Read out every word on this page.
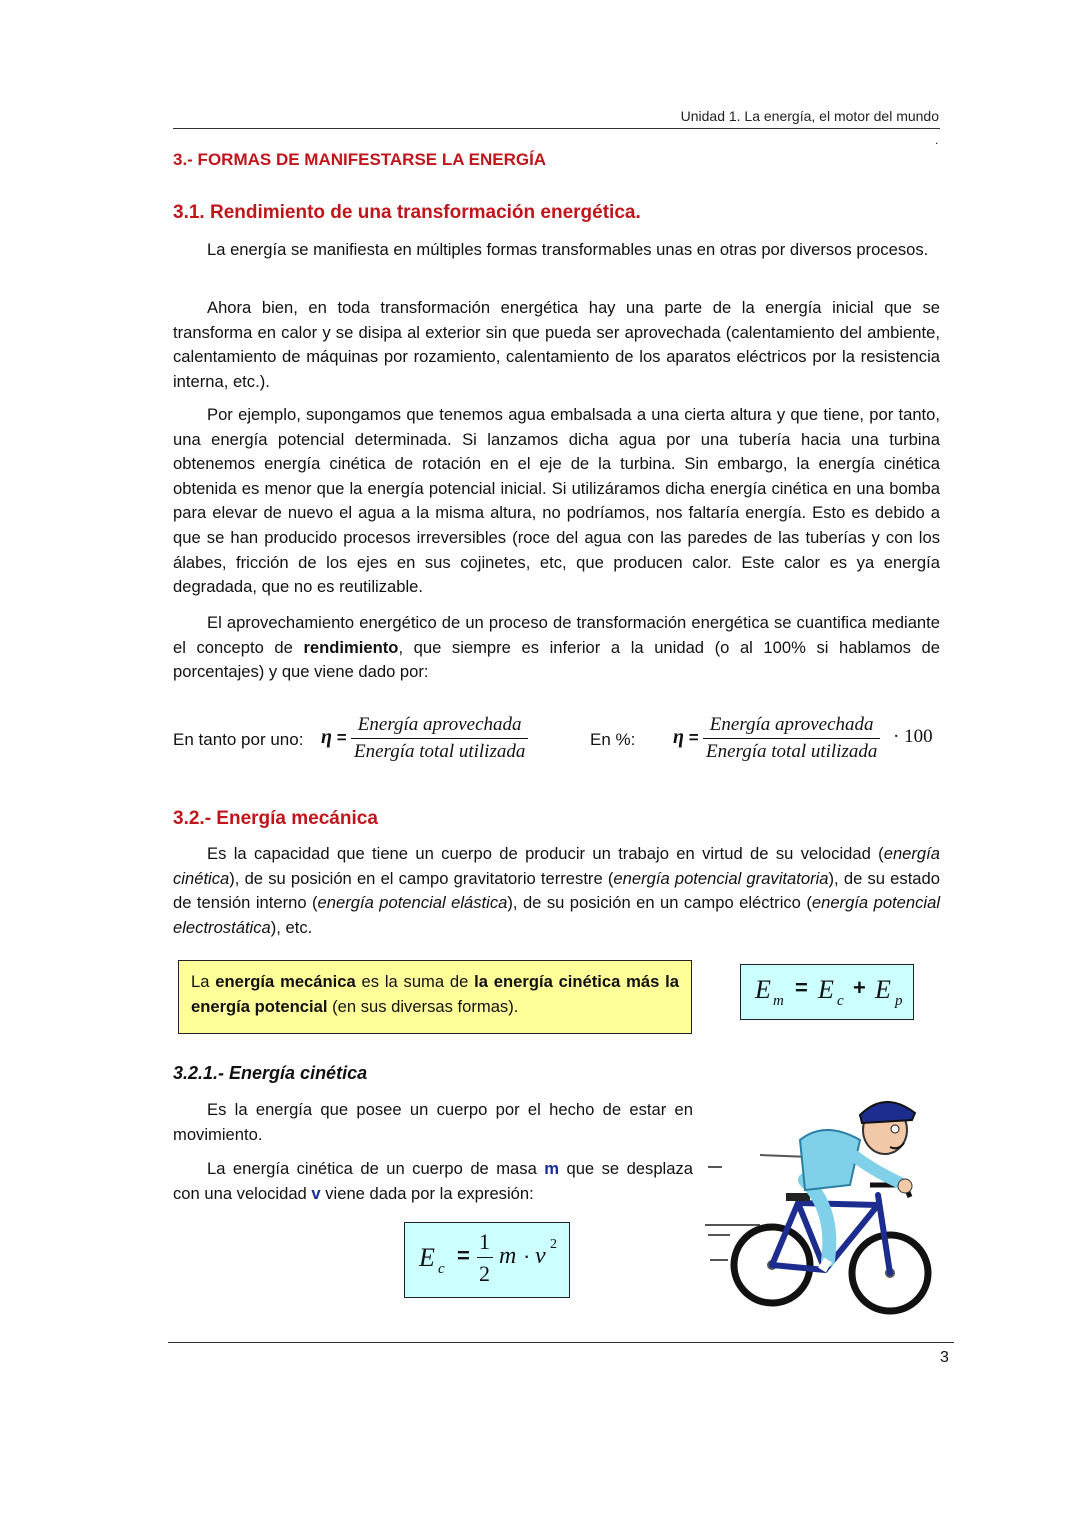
Unidad 1. La energía, el motor del mundo
.
3.- FORMAS DE MANIFESTARSE LA ENERGÍA
3.1. Rendimiento de una transformación energética.

La energía se manifiesta en múltiples formas transformables unas en otras por diversos procesos.

Ahora bien, en toda transformación energética hay una parte de la energía inicial que se transforma en calor y se disipa al exterior sin que pueda ser aprovechada (calentamiento del ambiente, calentamiento de máquinas por rozamiento, calentamiento de los aparatos eléctricos por la resistencia interna, etc.).

Por ejemplo, supongamos que tenemos agua embalsada a una cierta altura y que tiene, por tanto, una energía potencial determinada. Si lanzamos dicha agua por una tubería hacia una turbina obtenemos energía cinética de rotación en el eje de la turbina. Sin embargo, la energía cinética obtenida es menor que la energía potencial inicial. Si utilizáramos dicha energía cinética en una bomba para elevar de nuevo el agua a la misma altura, no podríamos, nos faltaría energía. Esto es debido a que se han producido procesos irreversibles (roce del agua con las paredes de las tuberías y con los álabes, fricción de los ejes en sus cojinetes, etc, que producen calor. Este calor es ya energía degradada, que no es reutilizable.

El aprovechamiento energético de un proceso de transformación energética se cuantifica mediante el concepto de rendimiento, que siempre es inferior a la unidad (o al 100% si hablamos de porcentajes) y que viene dado por:

En tanto por uno: η =
Energía aprovechada
Energía total utilizada
En %: η =
Energía aprovechada
Energía total utilizada
· 100
3.2.- Energía mecánica

Es la capacidad que tiene un cuerpo de producir un trabajo en virtud de su velocidad (energía cinética), de su posición en el campo gravitatorio terrestre (energía potencial gravitatoria), de su estado de tensión interno (energía potencial elástica), de su posición en un campo eléctrico (energía potencial electrostática), etc.

La energía mecánica es la suma de la energía cinética más la energía potencial (en sus diversas formas).
E m
= E c
+ E p
3.2.1.- Energía cinética

Es la energía que posee un cuerpo por el hecho de estar en movimiento.

La energía cinética de un cuerpo de masa m que se desplaza con una velocidad v viene dada por la expresión:

E c
=
1
2
m · v 2
3
